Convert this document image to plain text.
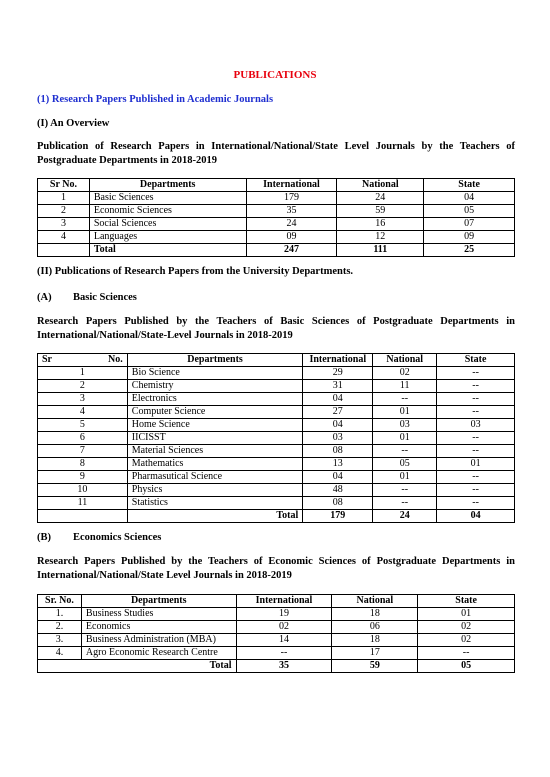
PUBLICATIONS
(1) Research Papers Published in Academic Journals
(I) An Overview
Publication of Research Papers in International/National/State Level Journals by the Teachers of
Postgraduate Departments in 2018-2019
Sr No.	Departments	International	National	State
1	Basic Sciences	179	24	04
2	Economic Sciences	35	59	05
3	Social Sciences	24	16	07
4	Languages	09	12	09
	Total	247	111	25
(II) Publications of Research Papers from the University Departments.
(A) Basic Sciences
Research Papers Published by the Teachers of Basic Sciences of Postgraduate Departments in
International/National/State-Level Journals in 2018-2019
Sr	No.	Departments	International	National	State
1		Bio Science	29	02	--
2		Chemistry	31	11	--
3		Electronics	04	--	--
4		Computer Science	27	01	--
5		Home Science	04	03	03
6		IICISST	03	01	--
7		Material Sciences	08	--	--
8		Mathematics	13	05	01
9		Pharmasutical Science	04	01	--
10		Physics	48	--	--
11		Statistics	08	--	--
		Total	179	24	04
(B) Economics Sciences
Research Papers Published by the Teachers of Economic Sciences of Postgraduate Departments in
International/National/State Level Journals in 2018-2019
Sr. No.	Departments	International	National	State
1.	Business Studies	19	18	01
2.	Economics	02	06	02
3.	Business Administration (MBA)	14	18	02
4.	Agro Economic Research Centre	--	17	--
Total		35	59	05
